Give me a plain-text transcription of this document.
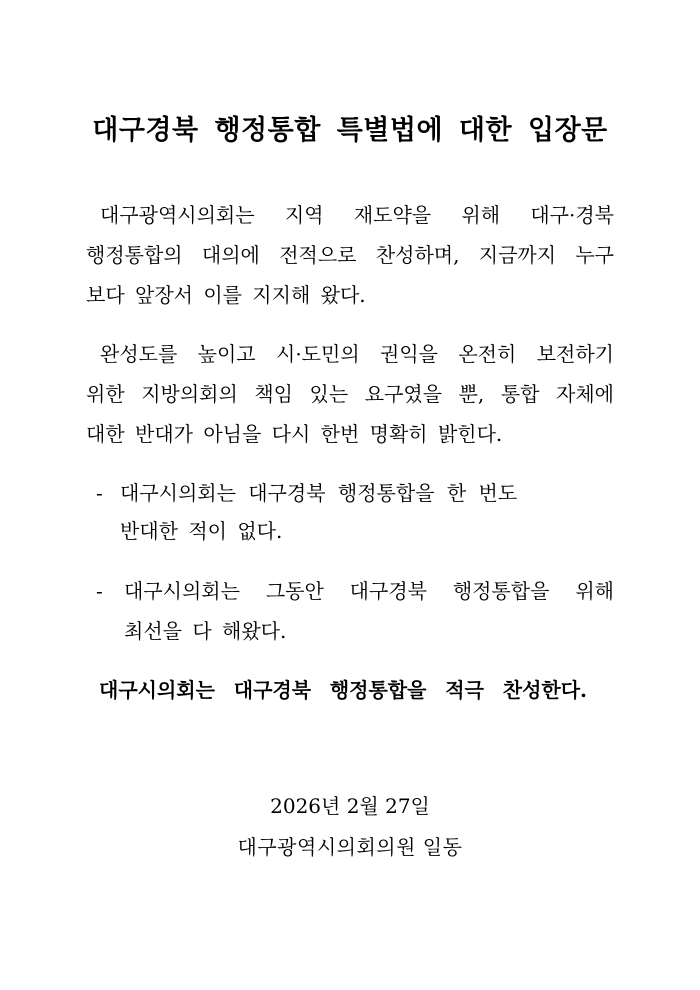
대구경북 행정통합 특별법에 대한 입장문
대구광역시의회는 지역 재도약을 위해 대구·경북
행정통합의 대의에 전적으로 찬성하며, 지금까지 누구
보다 앞장서 이를 지지해 왔다.
완성도를 높이고 시·도민의 권익을 온전히 보전하기
위한 지방의회의 책임 있는 요구였을 뿐, 통합 자체에
대한 반대가 아님을 다시 한번 명확히 밝힌다.
- 대구시의회는 대구경북 행정통합을 한 번도
반대한 적이 없다.
- 대구시의회는 그동안 대구경북 행정통합을 위해
최선을 다 해왔다.
대구시의회는 대구경북 행정통합을 적극 찬성한다.
2026년 2월 27일
대구광역시의회의원 일동
